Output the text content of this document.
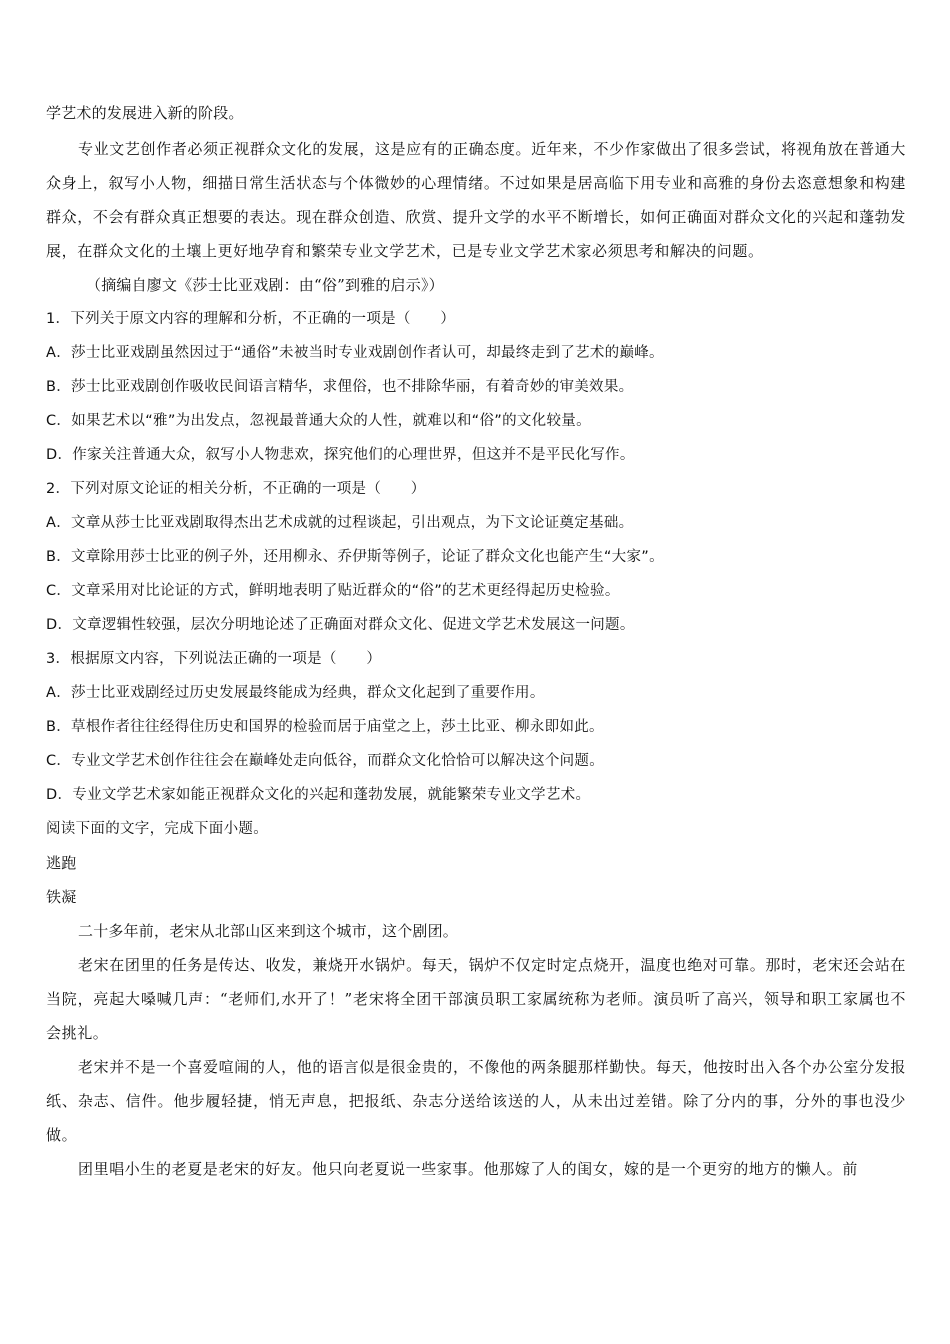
学艺术的发展进入新的阶段。
专业文艺创作者必须正视群众文化的发展，这是应有的正确态度。近年来，不少作家做出了很多尝试，将视角放在普通大众身上，叙写小人物，细描日常生活状态与个体微妙的心理情绪。不过如果是居高临下用专业和高雅的身份去恣意想象和构建群众，不会有群众真正想要的表达。现在群众创造、欣赏、提升文学的水平不断增长，如何正确面对群众文化的兴起和蓬勃发展，在群众文化的土壤上更好地孕育和繁荣专业文学艺术，已是专业文学艺术家必须思考和解决的问题。
（摘编自廖文《莎士比亚戏剧：由“俗”到雅的启示》）
1．下列关于原文内容的理解和分析，不正确的一项是（　　）
A．莎士比亚戏剧虽然因过于“通俗”未被当时专业戏剧创作者认可，却最终走到了艺术的巅峰。
B．莎士比亚戏剧创作吸收民间语言精华，求俚俗，也不排除华丽，有着奇妙的审美效果。
C．如果艺术以“雅”为出发点，忽视最普通大众的人性，就难以和“俗”的文化较量。
D．作家关注普通大众，叙写小人物悲欢，探究他们的心理世界，但这并不是平民化写作。
2．下列对原文论证的相关分析，不正确的一项是（　　）
A．文章从莎士比亚戏剧取得杰出艺术成就的过程谈起，引出观点，为下文论证奠定基础。
B．文章除用莎士比亚的例子外，还用柳永、乔伊斯等例子，论证了群众文化也能产生“大家”。
C．文章采用对比论证的方式，鲜明地表明了贴近群众的“俗”的艺术更经得起历史检验。
D．文章逻辑性较强，层次分明地论述了正确面对群众文化、促进文学艺术发展这一问题。
3．根据原文内容，下列说法正确的一项是（　　）
A．莎士比亚戏剧经过历史发展最终能成为经典，群众文化起到了重要作用。
B．草根作者往往经得住历史和国界的检验而居于庙堂之上，莎土比亚、柳永即如此。
C．专业文学艺术创作往往会在巅峰处走向低谷，而群众文化恰恰可以解决这个问题。
D．专业文学艺术家如能正视群众文化的兴起和蓬勃发展，就能繁荣专业文学艺术。
阅读下面的文字，完成下面小题。
逃跑
铁凝
二十多年前，老宋从北部山区来到这个城市，这个剧团。
老宋在团里的任务是传达、收发，兼烧开水锅炉。每天，锅炉不仅定时定点烧开，温度也绝对可靠。那时，老宋还会站在当院，亮起大嗓喊几声：“老师们,水开了！”老宋将全团干部演员职工家属统称为老师。演员听了高兴，领导和职工家属也不会挑礼。
老宋并不是一个喜爱喧闹的人，他的语言似是很金贵的，不像他的两条腿那样勤快。每天，他按时出入各个办公室分发报纸、杂志、信件。他步履轻捷，悄无声息，把报纸、杂志分送给该送的人，从未出过差错。除了分内的事，分外的事也没少做。
团里唱小生的老夏是老宋的好友。他只向老夏说一些家事。他那嫁了人的闺女，嫁的是一个更穷的地方的懒人。前
